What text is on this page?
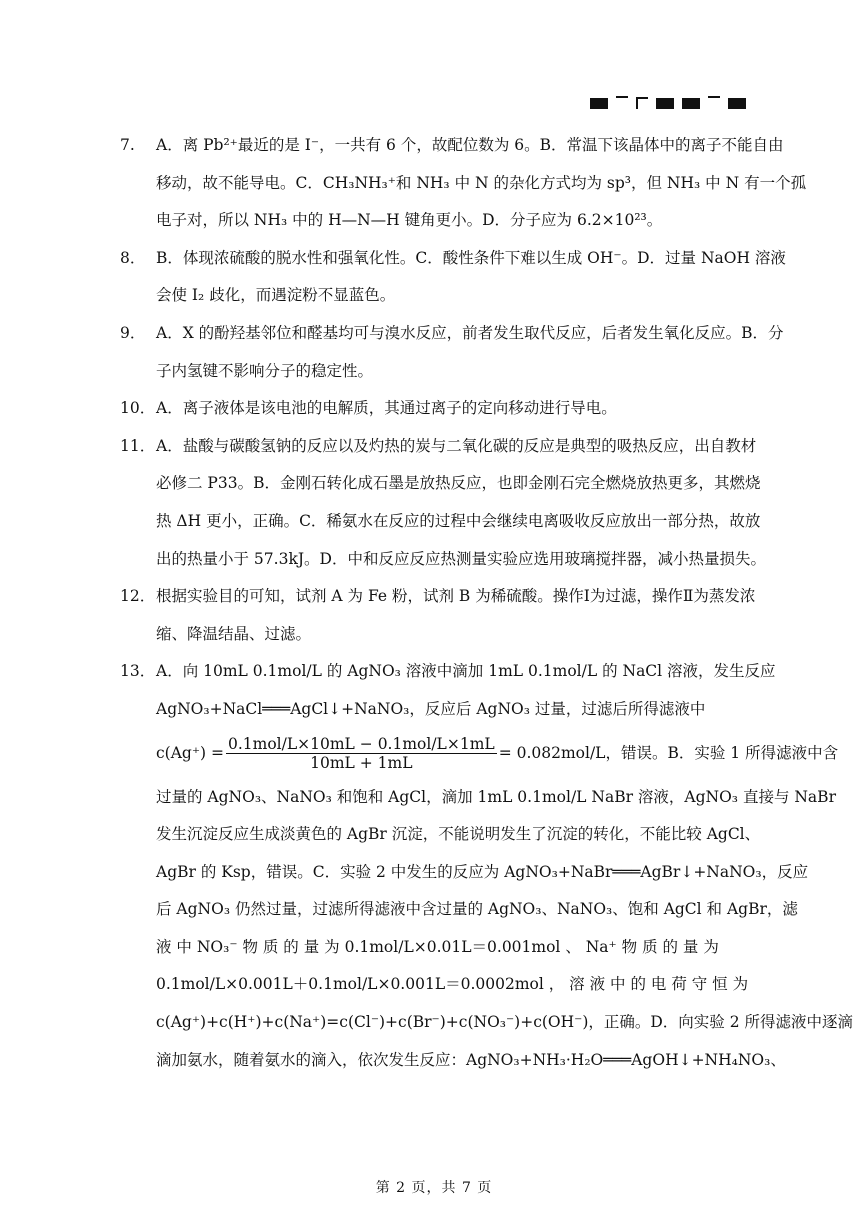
7.	A．离 Pb²⁺最近的是 I⁻，一共有 6 个，故配位数为 6。B．常温下该晶体中的离子不能自由
移动，故不能导电。C．CH₃NH₃⁺和 NH₃ 中 N 的杂化方式均为 sp³，但 NH₃ 中 N 有一个孤
电子对，所以 NH₃ 中的 H—N—H 键角更小。D．分子应为 6.2×10²³。
8． B．体现浓硫酸的脱水性和强氧化性。C．酸性条件下难以生成 OH⁻。D．过量 NaOH 溶液
会使 I₂ 歧化，而遇淀粉不显蓝色。
9． A．X 的酚羟基邻位和醛基均可与溴水反应，前者发生取代反应，后者发生氧化反应。B．分
子内氢键不影响分子的稳定性。
10． A．离子液体是该电池的电解质，其通过离子的定向移动进行导电。
11． A．盐酸与碳酸氢钠的反应以及灼热的炭与二氧化碳的反应是典型的吸热反应，出自教材
必修二 P33。B．金刚石转化成石墨是放热反应，也即金刚石完全燃烧放热更多，其燃烧
热 ΔH 更小，正确。C．稀氨水在反应的过程中会继续电离吸收反应放出一部分热，故放
出的热量小于 57.3kJ。D．中和反应反应热测量实验应选用玻璃搅拌器，减小热量损失。
12． 根据实验目的可知，试剂 A 为 Fe 粉，试剂 B 为稀硫酸。操作Ⅰ为过滤，操作Ⅱ为蒸发浓
缩、降温结晶、过滤。
13． A．向 10mL 0.1mol/L 的 AgNO₃ 溶液中滴加 1mL 0.1mol/L 的 NaCl 溶液，发生反应
AgNO₃+NaCl═══AgCl↓+NaNO₃，反应后 AgNO₃ 过量，过滤后所得滤液中
$c(Ag^+) = \frac{\text{0.1mol/L×10mL − 0.1mol/L×1mL}}{10mL + 1mL} = 0.082mol/L$，错误。B．实验 1 所得滤液中含
过量的 AgNO₃、NaNO₃ 和饱和 AgCl，滴加 1mL 0.1mol/L NaBr 溶液，AgNO₃ 直接与 NaBr
发生沉淀反应生成淡黄色的 AgBr 沉淀，不能说明发生了沉淀的转化，不能比较 AgCl、
AgBr 的 Ksp，错误。C．实验 2 中发生的反应为 AgNO₃+NaBr═══AgBr↓+NaNO₃，反应
后 AgNO₃ 仍然过量，过滤所得滤液中含过量的 AgNO₃、NaNO₃、饱和 AgCl 和 AgBr，滤
液 中 NO₃⁻ 物 质 的 量 为 0.1mol/L×0.01L＝0.001mol 、 Na⁺ 物 质 的 量 为
0.1mol/L×0.001L＋0.1mol/L×0.001L＝0.0002mol ， 溶 液 中 的 电 荷 守 恒 为
c(Ag⁺)+c(H⁺)+c(Na⁺)=c(Cl⁻)+c(Br⁻)+c(NO₃⁻)+c(OH⁻)，正确。D．向实验 2 所得滤液中逐滴
滴加氨水，随着氨水的滴入，依次发生反应：AgNO₃+NH₃·H₂O═══AgOH↓+NH₄NO₃、
第 2 页，共 7 页
